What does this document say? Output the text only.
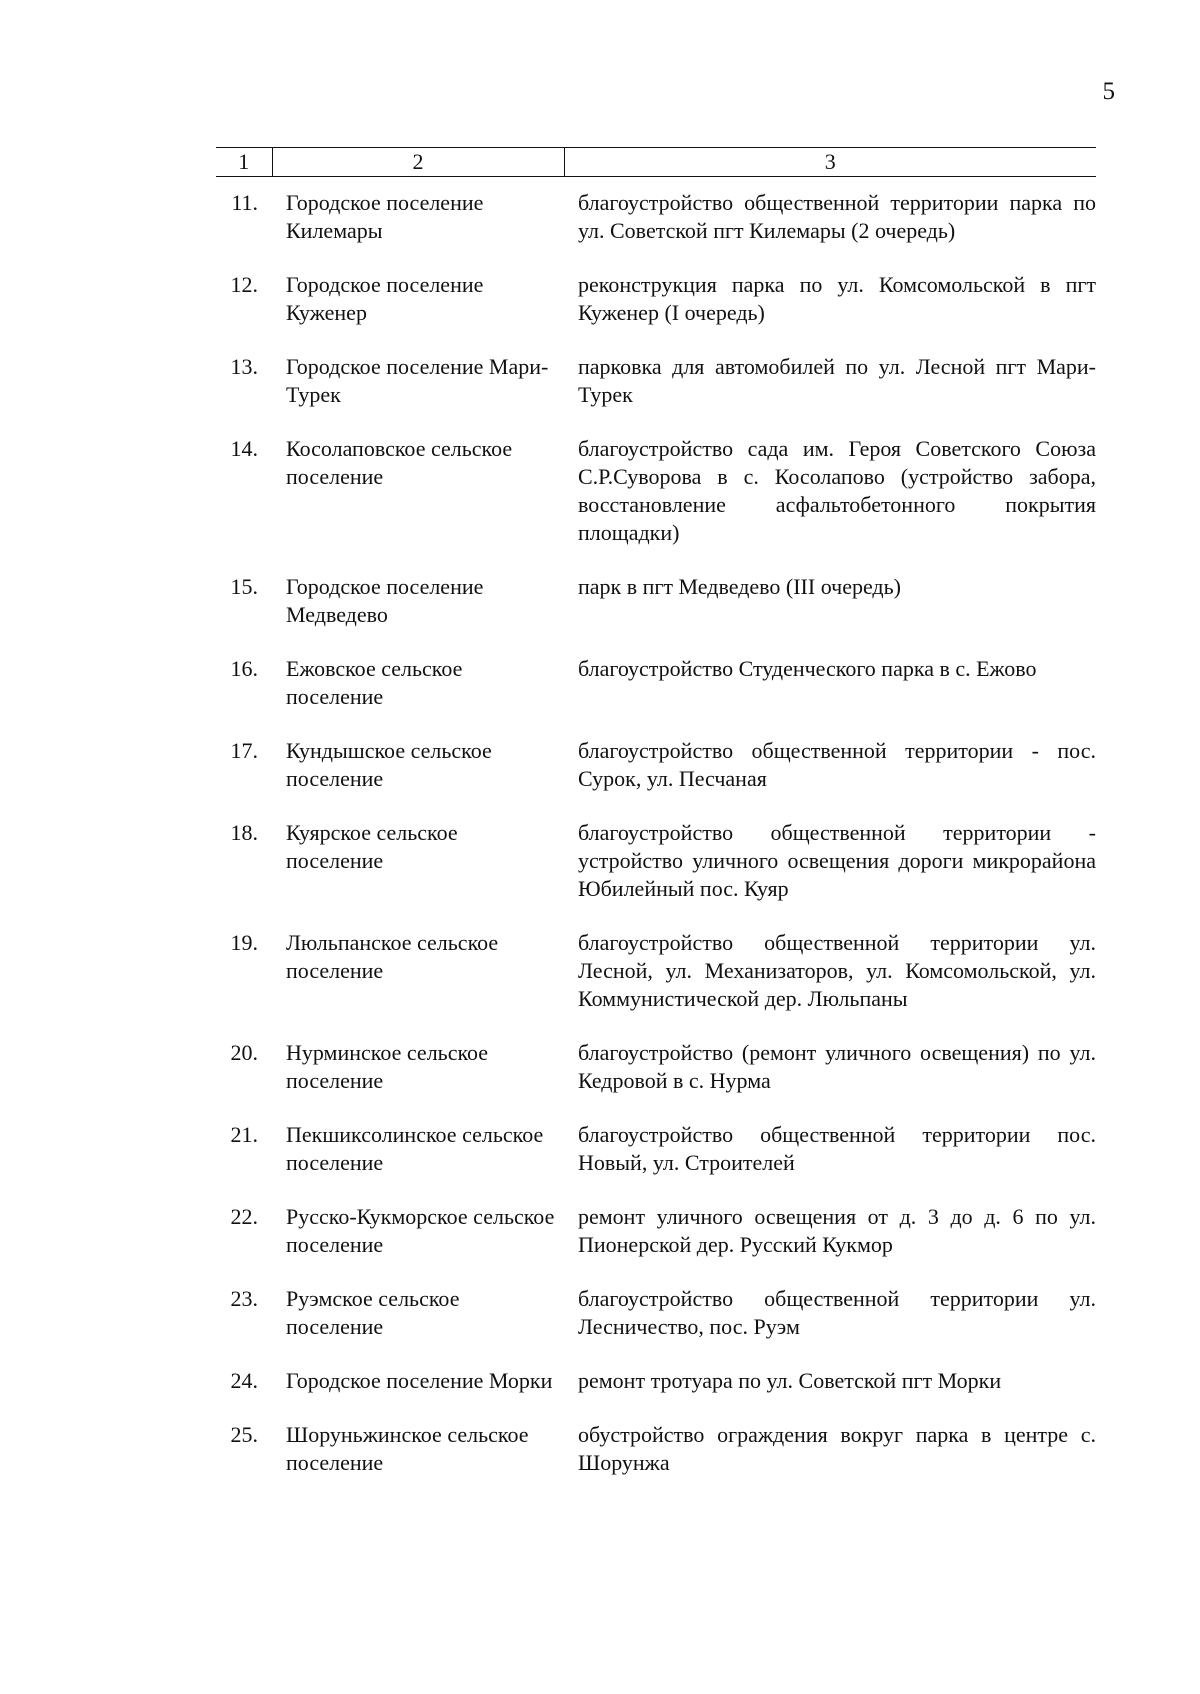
5
1	2	3
11.	Городское поселение Килемары	благоустройство общественной территории парка по ул. Советской пгт Килемары (2 очередь)
12.	Городское поселение Куженер	реконструкция парка по ул. Комсомольской в пгт Куженер (I очередь)
13.	Городское поселение Мари-Турек	парковка для автомобилей по ул. Лесной пгт Мари-Турек
14.	Косолаповское сельское поселение	благоустройство сада им. Героя Советского Союза С.Р.Суворова в с. Косолапово (устройство забора, восстановление асфальтобетонного покрытия площадки)
15.	Городское поселение Медведево	парк в пгт Медведево (III очередь)
16.	Ежовское сельское поселение	благоустройство Студенческого парка в с. Ежово
17.	Кундышское сельское поселение	благоустройство общественной территории - пос. Сурок, ул. Песчаная
18.	Куярское сельское поселение	благоустройство общественной территории - устройство уличного освещения дороги микрорайона Юбилейный пос. Куяр
19.	Люльпанское сельское поселение	благоустройство общественной территории ул. Лесной, ул. Механизаторов, ул. Комсомольской, ул. Коммунистической дер. Люльпаны
20.	Нурминское сельское поселение	благоустройство (ремонт уличного освещения) по ул. Кедровой в с. Нурма
21.	Пекшиксолинское сельское поселение	благоустройство общественной территории пос. Новый, ул. Строителей
22.	Русско-Кукморское сельское поселение	ремонт уличного освещения от д. 3 до д. 6 по ул. Пионерской дер. Русский Кукмор
23.	Руэмское сельское поселение	благоустройство общественной территории ул. Лесничество, пос. Руэм
24.	Городское поселение Морки	ремонт тротуара по ул. Советской пгт Морки
25.	Шоруньжинское сельское поселение	обустройство ограждения вокруг парка в центре с. Шорунжа
